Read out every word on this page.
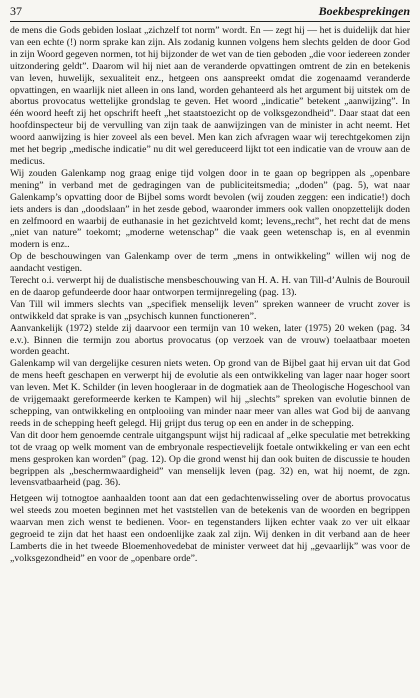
37	Boekbesprekingen

de mens die Gods gebiden loslaat „zichzelf tot norm” wordt. En — zegt hij — het is duidelijk dat hier van een echte (!) norm sprake kan zijn. Als zodanig kunnen volgens hem slechts gelden de door God in zijn Woord gegeven normen, tot hij bijzonder de wet van de tien geboden „die voor iedereen zonder uitzondering geldt”. Daarom wil hij niet aan de veranderde opvattingen omtrent de zin en betekenis van leven, huwelijk, sexualiteit enz., hetgeen ons aanspreekt omdat die zogenaamd veranderde opvattingen, en waarlijk niet alleen in ons land, worden gehanteerd als het argument bij uitstek om de abortus provocatus wettelijke grondslag te geven. Het woord „indicatie” betekent „aanwijzing”. In één woord heeft zij het opschrift heeft „het staatstoezicht op de volksgezondheid”. Daar staat dat een hoofdinspecteur bij de vervulling van zijn taak de aanwijzingen van de minister in acht neemt. Het woord aanwijzing is hier zoveel als een bevel. Men kan zich afvragen waar wij terechtgekomen zijn met het begrip „medische indicatie” nu dit wel gereduceerd lijkt tot een indicatie van de vrouw aan de medicus.

Wij zouden Galenkamp nog graag enige tijd volgen door in te gaan op begrippen als „openbare mening” in verband met de gedragingen van de publiciteitsmedia; „doden” (pag. 5), wat naar Galenkamp’s opvatting door de Bijbel soms wordt bevolen (wij zouden zeggen: een indicatie!) doch iets anders is dan „doodslaan” in het zesde gebod, waaronder immers ook vallen onopzettelijk doden en zelfmoord en waarbij de euthanasie in het gezichtveld komt; levens„recht”, het recht dat de mens „niet van nature” toekomt; „moderne wetenschap” die vaak geen wetenschap is, en al evenmin modern is enz..

Op de beschouwingen van Galenkamp over de term „mens in ontwikkeling” willen wij nog de aandacht vestigen.

Terecht o.i. verwerpt hij de dualistische mensbeschouwing van H. A. H. van Till-d’Aulnis de Bourouil en de daarop gefundeerde door haar ontworpen termijnregeling (pag. 13).

Van Till wil immers slechts van „specifiek menselijk leven” spreken wanneer de vrucht zover is ontwikkeld dat sprake is van „psychisch kunnen functioneren”.

Aanvankelijk (1972) stelde zij daarvoor een termijn van 10 weken, later (1975) 20 weken (pag. 34 e.v.). Binnen die termijn zou abortus provocatus (op verzoek van de vrouw) toelaatbaar moeten worden geacht.

Galenkamp wil van dergelijke cesuren niets weten. Op grond van de Bijbel gaat hij ervan uit dat God de mens heeft geschapen en verwerpt hij de evolutie als een ontwikkeling van lager naar hoger soort van leven. Met K. Schilder (in leven hoogleraar in de dogmatiek aan de Theologische Hogeschool van de vrijgemaakt gereformeerde kerken te Kampen) wil hij „slechts” spreken van evolutie binnen de schepping, van ontwikkeling en ontplooiing van minder naar meer van alles wat God bij de aanvang reeds in de schepping heeft gelegd. Hij grijpt dus terug op een en ander in de schepping.

Van dit door hem genoemde centrale uitgangspunt wijst hij radicaal af „elke speculatie met betrekking tot de vraag op welk moment van de embryonale respectievelijk foetale ontwikkeling er van een echt mens gesproken kan worden” (pag. 12). Op die grond wenst hij dan ook buiten de discussie te houden begrippen als „beschermwaardigheid” van menselijk leven (pag. 32) en, wat hij noemt, de zgn. levensvatbaarheid (pag. 36).

Hetgeen wij totnogtoe aanhaalden toont aan dat een gedachtenwisseling over de abortus provocatus wel steeds zou moeten beginnen met het vaststellen van de betekenis van de woorden en begrippen waarvan men zich wenst te bedienen. Voor- en tegenstanders lijken echter vaak zo ver uit elkaar gegroeid te zijn dat het haast een ondoenlijke zaak zal zijn. Wij denken in dit verband aan de heer Lamberts die in het tweede Bloemenhovedebat de minister verweet dat hij „gevaarlijk” was voor de „volksgezondheid” en voor de „openbare orde”.
